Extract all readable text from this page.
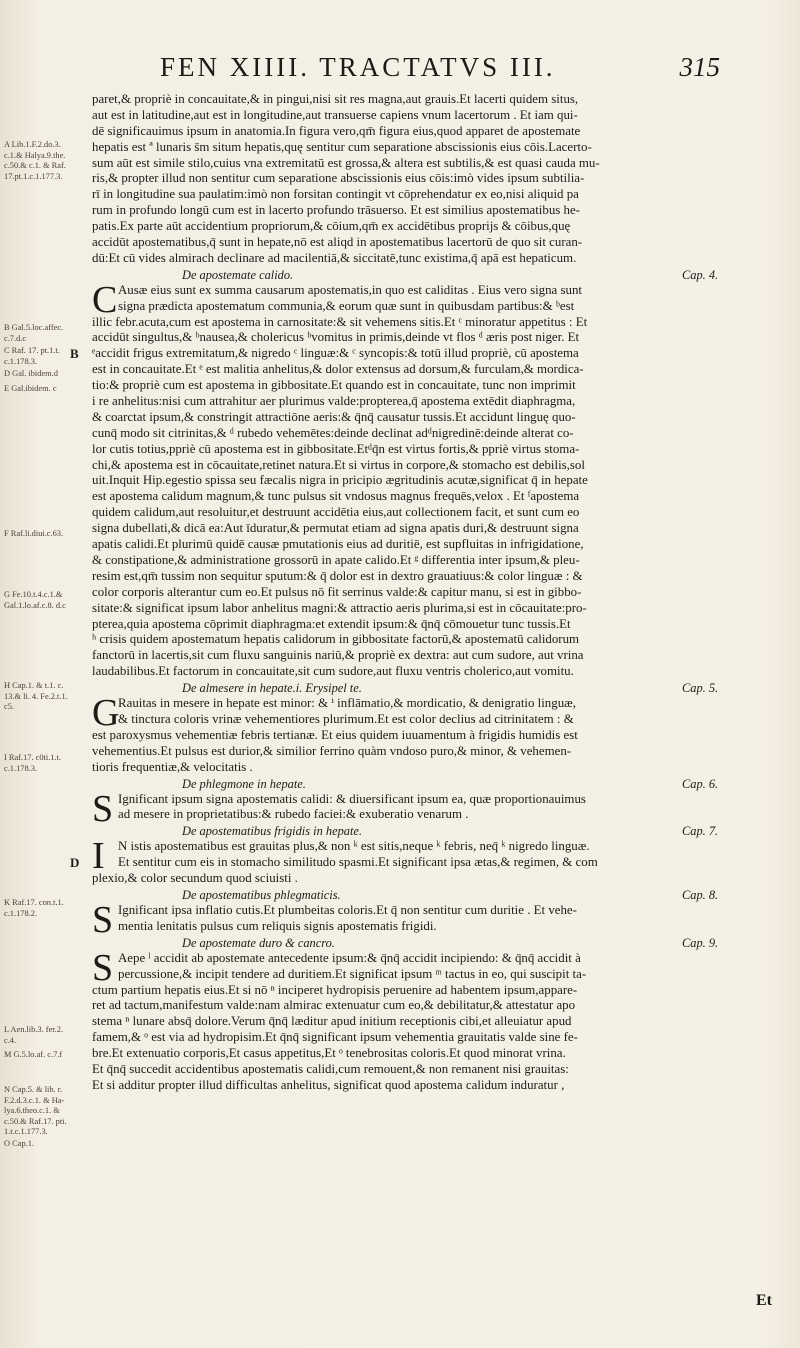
FEN XIIII. TRACTATVS III.	315
A Lib.1.F.2.do.3.
c.1.& Halya.9.the.
c.50.& c.1. & Raf.
17.pt.1.c.1.177.3.
B Gal.5.loc.affec.
c.7.d.c
C Raf. 17. pt.1.t.
c.1.178.3.
D Gal. ibidem.d
E Gal.ibidem. c
F Raf.li.diui.c.63.
G Fe.10.t.4.c.1.&
Gal.1.lo.af.c.8. d.c
H Cap.1. & t.1. c.
13.& li. 4. Fe.2.t.1.
c5.
I Raf.17. c0ti.1.t.
c.1.178.3.
K Raf.17. con.t.1.
c.1.178.2.
L Aen.lib.3. fer.2.
c.4.
M G.5.lo.af. c.7.f
N Cap.5. & lib. r.
F.2.d.3.c.1. & Ha-
lya.6.theo.c.1. &
c.50.& Raf.17. pti.
1.t.c.1.177.3.
O Cap.1.
paret,& propriè in concauitate,& in pingui,nisi sit res magna,aut grauis.Et lacerti quidem situs,
aut est in latitudine,aut est in longitudine,aut transuerse capiens vnum lacertorum . Et iam qui-
dē significauimus ipsum in anatomia.In figura vero,qm̄ figura eius,quod apparet de apostemate
hepatis est ª lunaris s̄m situm hepatis,quę sentitur cum separatione abscissionis eius cōis.Lacerto-
sum aūt est simile stilo,cuius vna extremitatū est grossa,& altera est subtilis,& est quasi cauda mu-
ris,& propter illud non sentitur cum separatione abscissionis eius cōis:imò vides ipsum subtilia-
rī in longitudine sua paulatim:imò non forsitan contingit vt cōprehendatur ex eo,nisi aliquid pa
rum in profundo longū cum est in lacerto profundo trāsuerso. Et est similius apostematibus he-
patis.Ex parte aūt accidentium propriorum,& cōium,qm̄ ex accidētibus proprijs & cōibus,quę
accidūt apostematibus,q̄ sunt in hepate,nō est aliqd in apostematibus lacertorū de quo sit curan-
dū:Et cū vides almirach declinare ad macilentiā,& siccitatē,tunc existima,q̄ apā est hepaticum.
De apostemate calido.	Cap. 4.
C Ausæ eius sunt ex summa causarum apostematis,in quo est caliditas . Eius vero signa sunt
signa prædicta apostematum communia,& eorum quæ sunt in quibusdam partibus:& ᵇest
illic febr.acuta,cum est apostema in carnositate:& sit vehemens sitis.Et ᶜ minoratur appetitus : Et
accidūt singultus,& ᵇnausea,& cholericus ᵇvomitus in primis,deinde vt flos ᵈ æris post niger. Et
ᵉaccidit frigus extremitatum,& nigredo ᶜ linguæ:& ᶜ syncopis:& totū illud propriè, cū apostema
est in concauitate.Et ᵉ est malitia anhelitus,& dolor extensus ad dorsum,& furculam,& mordica-
tio:& propriè cum est apostema in gibbositate.Et quando est in concauitate, tunc non imprimit
i re anhelitus:nisi cum attrahitur aer plurimus valde:propterea,q̄ apostema extēdit diaphragma,
& coarctat ipsum,& constringit attractiōne aeris:& q̄nq̄ causatur tussis.Et accidunt linguę quo-
cunq̄ modo sit citrinitas,& ᵈ rubedo vehemētes:deinde declinat adᵈnigredinē:deinde alterat co-
lor cutis totius,ppriè cū apostema est in gibbositate.Etᵈq̄n est virtus fortis,& ppriè virtus stoma-
chi,& apostema est in cōcauitate,retinet natura.Et si virtus in corpore,& stomacho est debilis,sol
uit.Inquit Hip.egestio spissa seu fæcalis nigra in pricipio ægritudinis acutæ,significat q̄ in hepate
est apostema calidum magnum,& tunc pulsus sit vndosus magnus frequēs,velox . Et ᶠapostema
quidem calidum,aut resoluitur,et destruunt accidētia eius,aut collectionem facit, et sunt cum eo
signa dubellati,& dicā ea:Aut īduratur,& permutat etiam ad signa apatis duri,& destruunt signa
apatis calidi.Et plurimū quidē causæ pmutationis eius ad duritiē, est supfluitas in infrigidatione,
& constipatione,& administratione grossorū in apate calido.Et ᵍ differentia inter ipsum,& pleu-
resim est,qm̄ tussim non sequitur sputum:& q̄ dolor est in dextro grauatiuus:& color linguæ : &
color corporis alterantur cum eo.Et pulsus nō fit serrinus valde:& capitur manu, si est in gibbo-
sitate:& significat ipsum labor anhelitus magni:& attractio aeris plurima,si est in cōcauitate:pro-
pterea,quia apostema cōprimit diaphragma:et extendit ipsum:& q̄nq̄ cōmouetur tunc tussis.Et
ʰ crisis quidem apostematum hepatis calidorum in gibbositate factorū,& apostematū calidorum
fanctorū in lacertis,sit cum fluxu sanguinis nariū,& propriè ex dextra: aut cum sudore, aut vrina
laudabilibus.Et factorum in concauitate,sit cum sudore,aut fluxu ventris cholerico,aut vomitu.
B
De almesere in hepate.i. Erysipel te.	Cap. 5.
G
Rauitas in mesere in hepate est minor: & ⁱ inflāmatio,& mordicatio, & denigratio linguæ,
& tinctura coloris vrinæ vehementiores plurimum.Et est color declius ad citrinitatem : &
est paroxysmus vehementiæ febris tertianæ. Et eius quidem iuuamentum à frigidis humidis est
vehementius.Et pulsus est durior,& similior ferrino quàm vndoso puro,& minor, & vehemen-
tioris frequentiæ,& velocitatis .
De phlegmone in hepate.	Cap. 6.
S Ignificant ipsum signa apostematis calidi: & diuersificant ipsum ea, quæ proportionauimus
ad mesere in proprietatibus:& rubedo faciei:& exuberatio venarum .
De apostematibus frigidis in hepate.	Cap. 7.
I	N istis apostematibus est grauitas plus,& non ᵏ est sitis,neque ᵏ febris, neq̄ ᵏ nigredo linguæ.
Et sentitur cum eis in stomacho similitudo spasmi.Et significant ipsa ætas,& regimen, & com
plexio,& color secundum quod sciuisti .
D
De apostematibus phlegmaticis.	Cap. 8.
S Ignificant ipsa inflatio cutis.Et plumbeitas coloris.Et q̄ non sentitur cum duritie . Et vehe-
mentia lenitatis pulsus cum reliquis signis apostematis frigidi.
De apostemate duro & cancro.	Cap. 9.
S Aepe ˡ accidit ab apostemate antecedente ipsum:& q̄nq̄ accidit incipiendo: & q̄nq̄ accidit à
percussione,& incipit tendere ad duritiem.Et significat ipsum ᵐ tactus in eo, qui suscipit ta-
ctum partium hepatis eius.Et si nō ⁿ inciperet hydropisis peruenire ad habentem ipsum,appare-
ret ad tactum,manifestum valde:nam almirac extenuatur cum eo,& debilitatur,& attestatur apo
stema ⁿ lunare absq̄ dolore.Verum q̄nq̄ læditur apud initium receptionis cibi,et alleuiatur apud
famem,& ᵒ est via ad hydropisim.Et q̄nq̄ significant ipsum vehementia grauitatis valde sine fe-
bre.Et extenuatio corporis,Et casus appetitus,Et ᵒ tenebrositas coloris.Et quod minorat vrina.
Et q̄nq̄ succedit accidentibus apostematis calidi,cum remouent,& non remanent nisi grauitas:
Et si additur propter illud difficultas anhelitus, significat quod apostema calidum induratur ,
Et
